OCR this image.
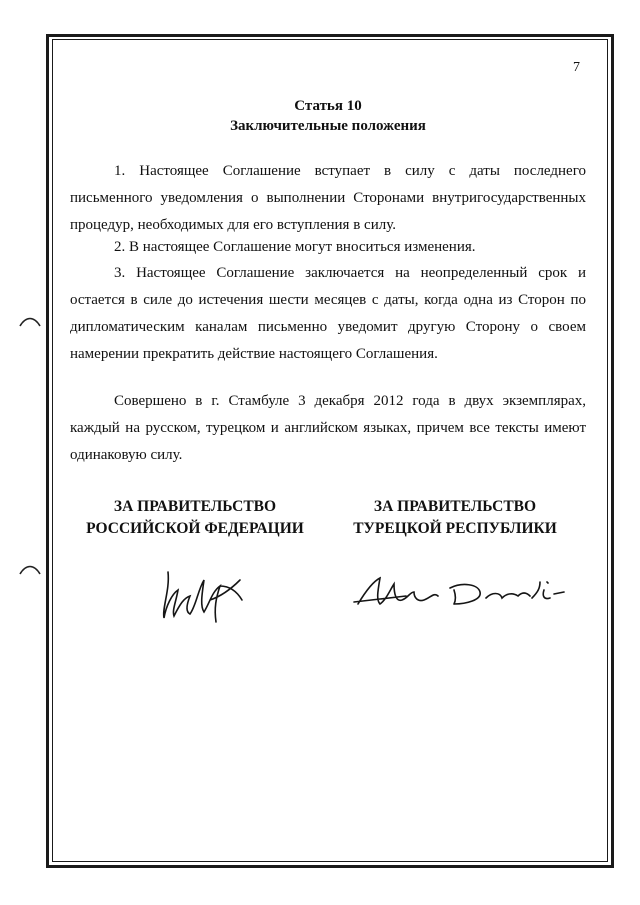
7
Статья 10
Заключительные положения
1. Настоящее Соглашение вступает в силу с даты последнего письменного уведомления о выполнении Сторонами внутригосударственных процедур, необходимых для его вступления в силу.
2. В настоящее Соглашение могут вноситься изменения.
3. Настоящее Соглашение заключается на неопределенный срок и остается в силе до истечения шести месяцев с даты, когда одна из Сторон по дипломатическим каналам письменно уведомит другую Сторону о своем намерении прекратить действие настоящего Соглашения.
Совершено в г. Стамбуле 3 декабря 2012 года в двух экземплярах, каждый на русском, турецком и английском языках, причем все тексты имеют одинаковую силу.
ЗА ПРАВИТЕЛЬСТВО
РОССИЙСКОЙ ФЕДЕРАЦИИ
ЗА ПРАВИТЕЛЬСТВО
ТУРЕЦКОЙ РЕСПУБЛИКИ
